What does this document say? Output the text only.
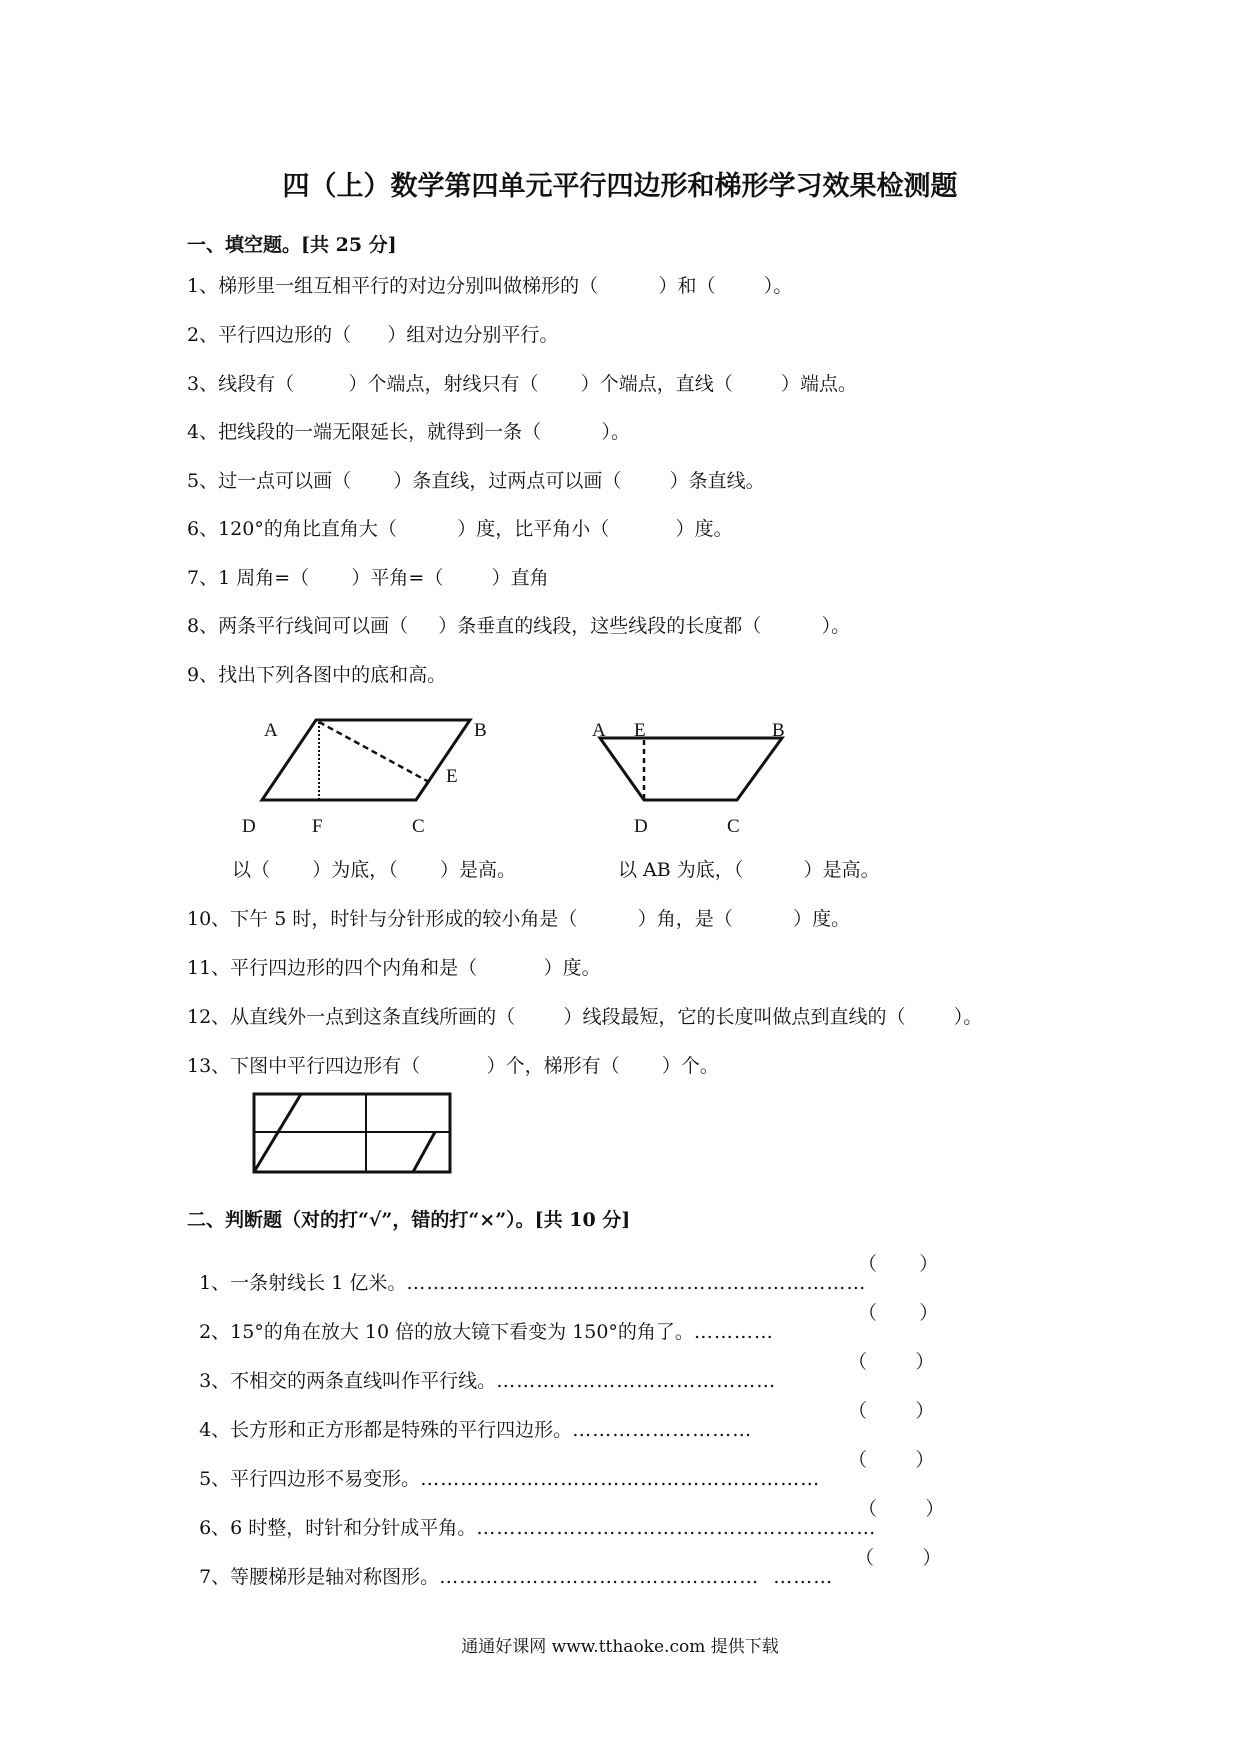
四（上）数学第四单元平行四边形和梯形学习效果检测题
一、填空题。[共 25 分]
1、梯形里一组互相平行的对边分别叫做梯形的（          ）和（        ）。
2、平行四边形的（      ）组对边分别平行。
3、线段有（         ）个端点，射线只有（       ）个端点，直线（        ）端点。
4、把线段的一端无限延长，就得到一条（          ）。
5、过一点可以画（       ）条直线，过两点可以画（        ）条直线。
6、120°的角比直角大（          ）度，比平角小（           ）度。
7、1 周角=（       ）平角=（        ）直角
8、两条平行线间可以画（     ）条垂直的线段，这些线段的长度都（          ）。
9、找出下列各图中的底和高。
A	B
E
D	F	C
A E	B
D	C
以（       ）为底，（       ）是高。	以 AB 为底，（          ）是高。
10、下午 5 时，时针与分针形成的较小角是（          ）角，是（          ）度。
11、平行四边形的四个内角和是（           ）度。
12、从直线外一点到这条直线所画的（        ）线段最短，它的长度叫做点到直线的（        ）。
13、下图中平行四边形有（           ）个，梯形有（       ）个。
二、判断题（对的打“√”，错的打“×”）。[共 10 分]

1、一条射线长 1 亿米。……………………………………………………………

（       ）

2、15°的角在放大 10 倍的放大镜下看变为 150°的角了。…………

（       ）

3、不相交的两条直线叫作平行线。……………………………………

（        ）

4、长方形和正方形都是特殊的平行四边形。………………………

（        ）

5、平行四边形不易变形。……………………………………………………

（        ）

6、6 时整，时针和分针成平角。……………………………………………………

（        ）

7、等腰梯形是轴对称图形。…………………………………………  ………

（        ）
通通好课网 www.tthaoke.com 提供下载
